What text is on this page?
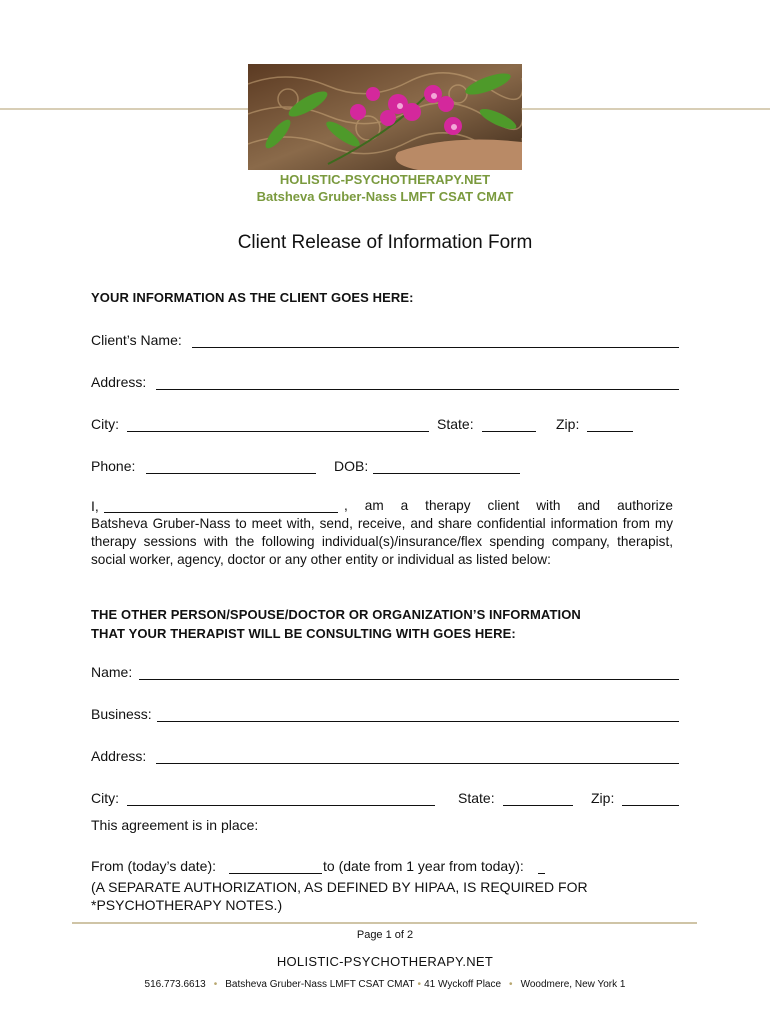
HOLISTIC-PSYCHOTHERAPY.NET
Batsheva Gruber-Nass LMFT CSAT CMAT
Client Release of Information Form
YOUR INFORMATION AS THE CLIENT GOES HERE:
Client’s Name:
Address:
City:	State:	Zip:
Phone:	DOB:
I,	, am a therapy client with and authorize
Batsheva Gruber-Nass to meet with, send, receive, and share confidential information from my therapy sessions with the following individual(s)/insurance/flex spending company, therapist, social worker, agency, doctor or any other entity or individual as listed below:
THE OTHER PERSON/SPOUSE/DOCTOR OR ORGANIZATION’S INFORMATION
THAT YOUR THERAPIST WILL BE CONSULTING WITH GOES HERE:
Name:
Business:
Address:
City:	State:	Zip:
This agreement is in place:
From (today’s date):	to (date from 1 year from today):
(A SEPARATE AUTHORIZATION, AS DEFINED BY HIPAA, IS REQUIRED FOR
*PSYCHOTHERAPY NOTES.)
Page 1 of 2
HOLISTIC-PSYCHOTHERAPY.NET
516.773.6613 • Batsheva Gruber-Nass LMFT CSAT CMAT • 41 Wyckoff Place • Woodmere, New York 1
